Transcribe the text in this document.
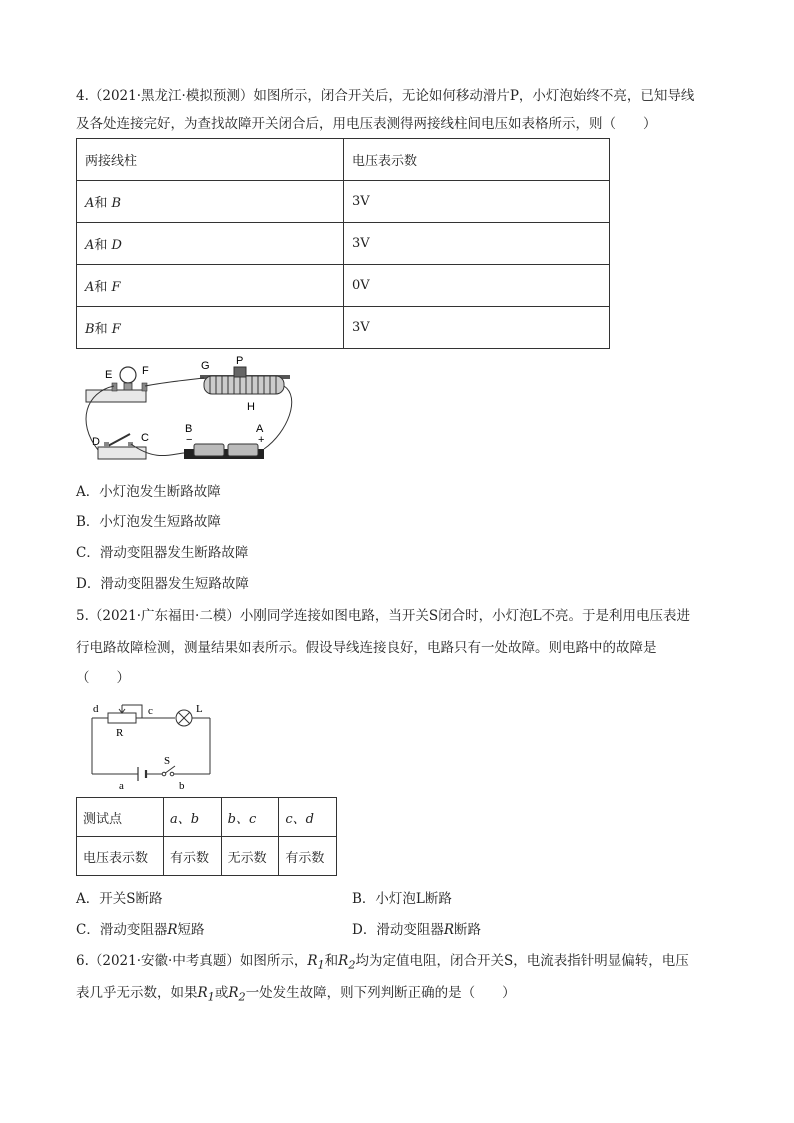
4.（2021·黑龙江·模拟预测）如图所示，闭合开关后，无论如何移动滑片P，小灯泡始终不亮，已知导线
及各处连接完好，为查找故障开关闭合后，用电压表测得两接线柱间电压如表格所示，则（　　）
两接线柱	电压表示数
A和 B	3V
A和 D	3V
A和 F	0V
B和 F	3V
E	F	G P
H
D	C
B	A
−	+
A．小灯泡发生断路故障
B．小灯泡发生短路故障
C．滑动变阻器发生断路故障
D．滑动变阻器发生短路故障
5.（2021·广东福田·二模）小刚同学连接如图电路，当开关S闭合时，小灯泡L不亮。于是利用电压表进
行电路故障检测，测量结果如表所示。假设导线连接良好，电路只有一处故障。则电路中的故障是
（　　）
d	c	L
R
S
a	b
测试点	a、b	b、c	c、d
电压表示数	有示数	无示数	有示数
A．开关S断路	B．小灯泡L断路
C．滑动变阻器R短路	D．滑动变阻器R断路
6.（2021·安徽·中考真题）如图所示，$R_1$和$R_2$均为定值电阻，闭合开关S，电流表指针明显偏转，电压
表几乎无示数，如果$R_1$或$R_2$一处发生故障，则下列判断正确的是（　　）
